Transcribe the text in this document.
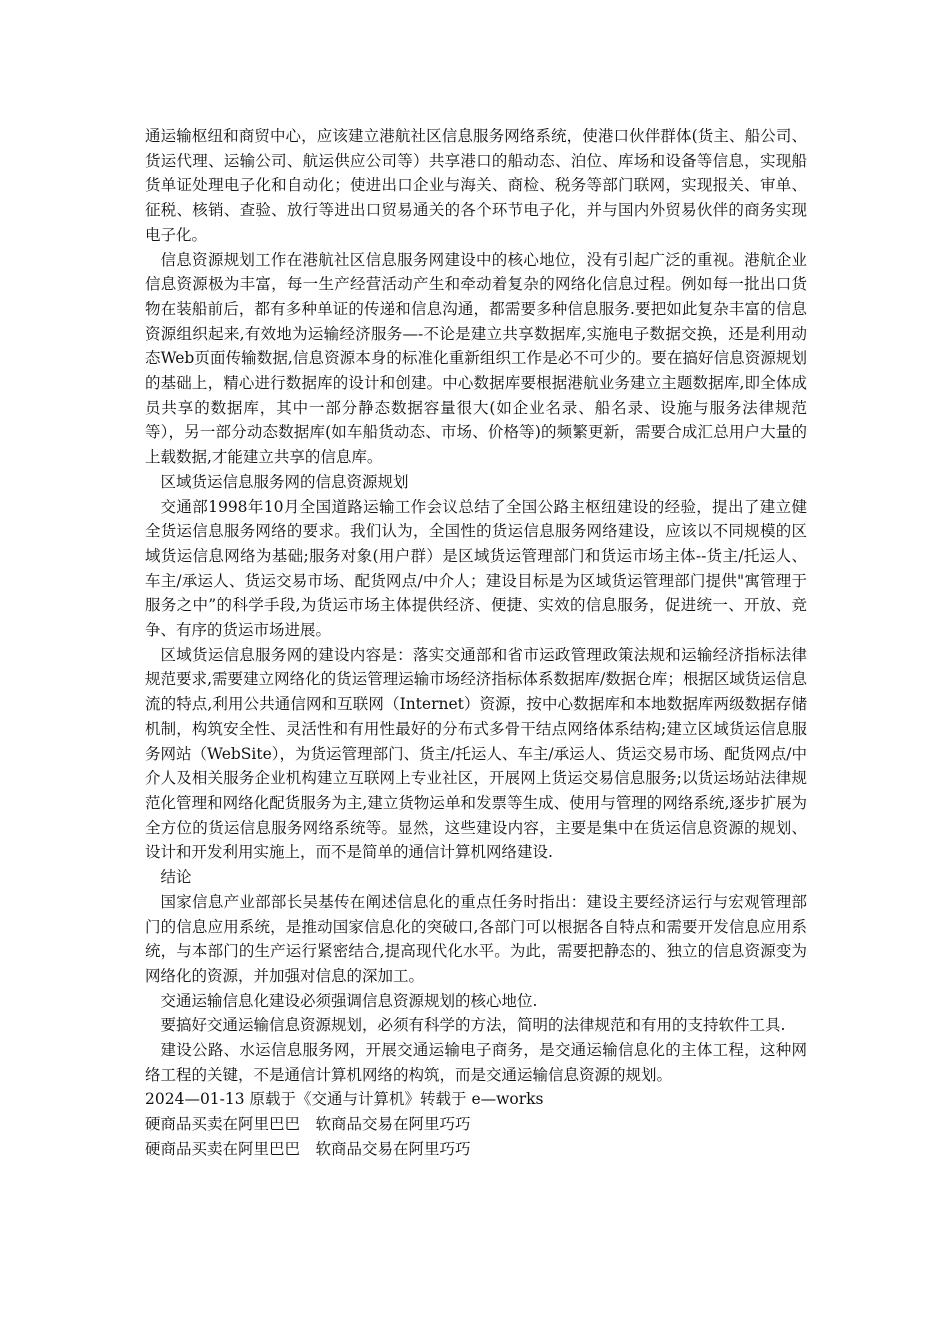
通运输枢纽和商贸中心，应该建立港航社区信息服务网络系统，使港口伙伴群体(货主、船公司、货运代理、运输公司、航运供应公司等）共享港口的船动态、泊位、库场和设备等信息，实现船货单证处理电子化和自动化；使进出口企业与海关、商检、税务等部门联网，实现报关、审单、征税、核销、查验、放行等进出口贸易通关的各个环节电子化，并与国内外贸易伙伴的商务实现电子化。

信息资源规划工作在港航社区信息服务网建设中的核心地位，没有引起广泛的重视。港航企业信息资源极为丰富，每一生产经营活动产生和牵动着复杂的网络化信息过程。例如每一批出口货物在装船前后，都有多种单证的传递和信息沟通，都需要多种信息服务.要把如此复杂丰富的信息资源组织起来,有效地为运输经济服务—-不论是建立共享数据库,实施电子数据交换，还是利用动态Web页面传输数据,信息资源本身的标准化重新组织工作是必不可少的。要在搞好信息资源规划的基础上，精心进行数据库的设计和创建。中心数据库要根据港航业务建立主题数据库,即全体成员共享的数据库，其中一部分静态数据容量很大(如企业名录、船名录、设施与服务法律规范等），另一部分动态数据库(如车船货动态、市场、价格等)的频繁更新，需要合成汇总用户大量的上载数据,才能建立共享的信息库。

区域货运信息服务网的信息资源规划

交通部1998年10月全国道路运输工作会议总结了全国公路主枢纽建设的经验，提出了建立健全货运信息服务网络的要求。我们认为，全国性的货运信息服务网络建设，应该以不同规模的区域货运信息网络为基础;服务对象(用户群）是区域货运管理部门和货运市场主体--货主/托运人、车主/承运人、货运交易市场、配货网点/中介人；建设目标是为区域货运管理部门提供"寓管理于服务之中”的科学手段,为货运市场主体提供经济、便捷、实效的信息服务，促进统一、开放、竞争、有序的货运市场进展。

区域货运信息服务网的建设内容是：落实交通部和省市运政管理政策法规和运输经济指标法律规范要求,需要建立网络化的货运管理运输市场经济指标体系数据库/数据仓库；根据区域货运信息流的特点,利用公共通信网和互联网（Internet）资源，按中心数据库和本地数据库两级数据存储机制，构筑安全性、灵活性和有用性最好的分布式多骨干结点网络体系结构;建立区域货运信息服务网站（WebSite），为货运管理部门、货主/托运人、车主/承运人、货运交易市场、配货网点/中介人及相关服务企业机构建立互联网上专业社区，开展网上货运交易信息服务;以货运场站法律规范化管理和网络化配货服务为主,建立货物运单和发票等生成、使用与管理的网络系统,逐步扩展为全方位的货运信息服务网络系统等。显然，这些建设内容，主要是集中在货运信息资源的规划、设计和开发利用实施上，而不是简单的通信计算机网络建设.

结论

国家信息产业部部长吴基传在阐述信息化的重点任务时指出：建设主要经济运行与宏观管理部门的信息应用系统，是推动国家信息化的突破口,各部门可以根据各自特点和需要开发信息应用系统，与本部门的生产运行紧密结合,提高现代化水平。为此，需要把静态的、独立的信息资源变为网络化的资源，并加强对信息的深加工。

交通运输信息化建设必须强调信息资源规划的核心地位.

要搞好交通运输信息资源规划，必须有科学的方法，简明的法律规范和有用的支持软件工具.

建设公路、水运信息服务网，开展交通运输电子商务，是交通运输信息化的主体工程，这种网络工程的关键，不是通信计算机网络的构筑，而是交通运输信息资源的规划。

2024—01-13 原载于《交通与计算机》转载于 e—works

硬商品买卖在阿里巴巴　软商品交易在阿里巧巧

硬商品买卖在阿里巴巴　软商品交易在阿里巧巧
